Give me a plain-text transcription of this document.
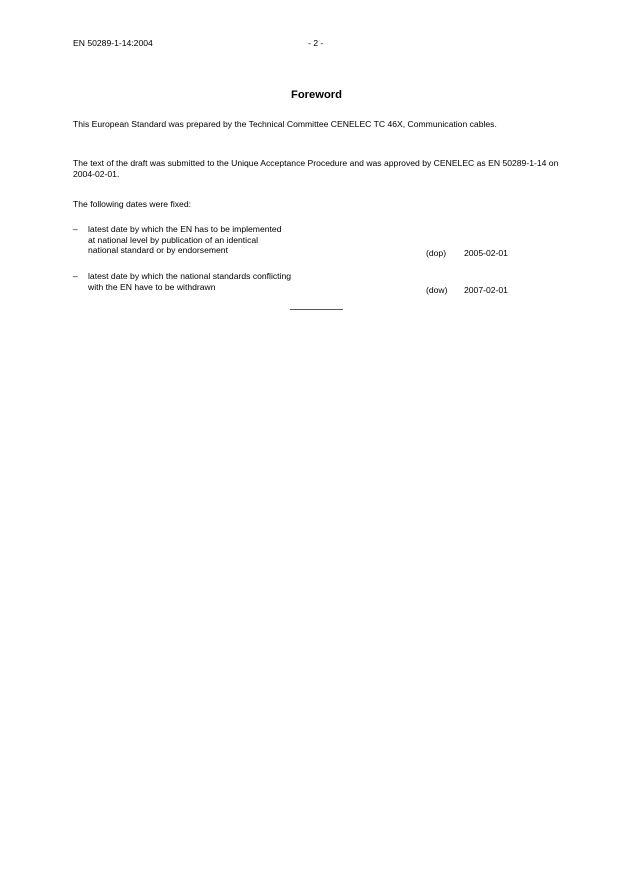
EN 50289-1-14:2004	- 2 -
Foreword
This European Standard was prepared by the Technical Committee CENELEC TC 46X, Communication cables.
The text of the draft was submitted to the Unique Acceptance Procedure and was approved by CENELEC as EN 50289-1-14 on 2004-02-01.
The following dates were fixed:
– latest date by which the EN has to be implemented
at national level by publication of an identical
national standard or by endorsement	(dop) 2005-02-01
– latest date by which the national standards conflicting
with the EN have to be withdrawn	(dow) 2007-02-01
